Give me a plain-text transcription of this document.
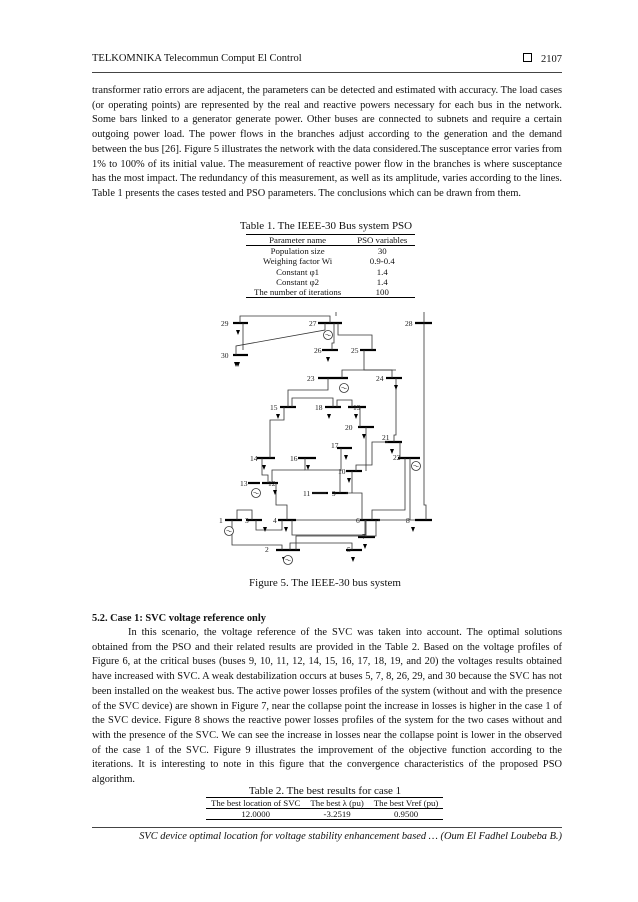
TELKOMNIKA Telecommun Comput El Control	2107

transformer ratio errors are adjacent, the parameters can be detected and estimated with accuracy. The load cases (or operating points) are represented by the real and reactive powers necessary for each bus in the network. Some bars linked to a generator generate power. Other buses are connected to subnets and require a certain outgoing power load. The power flows in the branches adjust according to the generation and the demand between the bus [26]. Figure 5 illustrates the network with the data considered.The susceptance error varies from 1% to 100% of its initial value. The measurement of reactive power flow in the branches is where susceptance has the most impact. The redundancy of this measurement, as well as its amplitude, varies according to the lines. Table 1 presents the cases tested and PSO parameters. The conclusions which can be drawn from them.

Table 1. The IEEE-30 Bus system PSO
Parameter name	PSO variables
Population size	30
Weighing factor Wi	0.9-0.4
Constant φ1	1.4
Constant φ2	1.4
The number of iterations	100
29	27	28
30
26	25
23	24
15	18	19
20
21
17
14	16	22
10
13	12
11	9
1	3	4	6	8
7
2	5
Figure 5. The IEEE-30 bus system
5.2. Case 1: SVC voltage reference only

In this scenario, the voltage reference of the SVC was taken into account. The optimal solutions obtained from the PSO and their related results are provided in the Table 2. Based on the voltage profiles of Figure 6, at the critical buses (buses 9, 10, 11, 12, 14, 15, 16, 17, 18, 19, and 20) the voltages results obtained have increased with SVC. A weak destabilization occurs at buses 5, 7, 8, 26, 29, and 30 because the SVC has not been installed on the weakest bus. The active power losses profiles of the system (without and with the presence of the SVC device) are shown in Figure 7, near the collapse point the increase in losses is higher in the case 1 of the SVC device. Figure 8 shows the reactive power losses profiles of the system for the two cases without and with the presence of the SVC. We can see the increase in losses near the collapse point is lower in the observed of the case 1 of the SVC. Figure 9 illustrates the improvement of the objective function according to the iterations. It is interesting to note in this figure that the convergence characteristics of the proposed PSO algorithm.

Table 2. The best results for case 1
The best location of SVC	The best λ (pu)	The best Vref (pu)
12.0000	-3.2519	0.9500
SVC device optimal location for voltage stability enhancement based … (Oum El Fadhel Loubeba B.)
